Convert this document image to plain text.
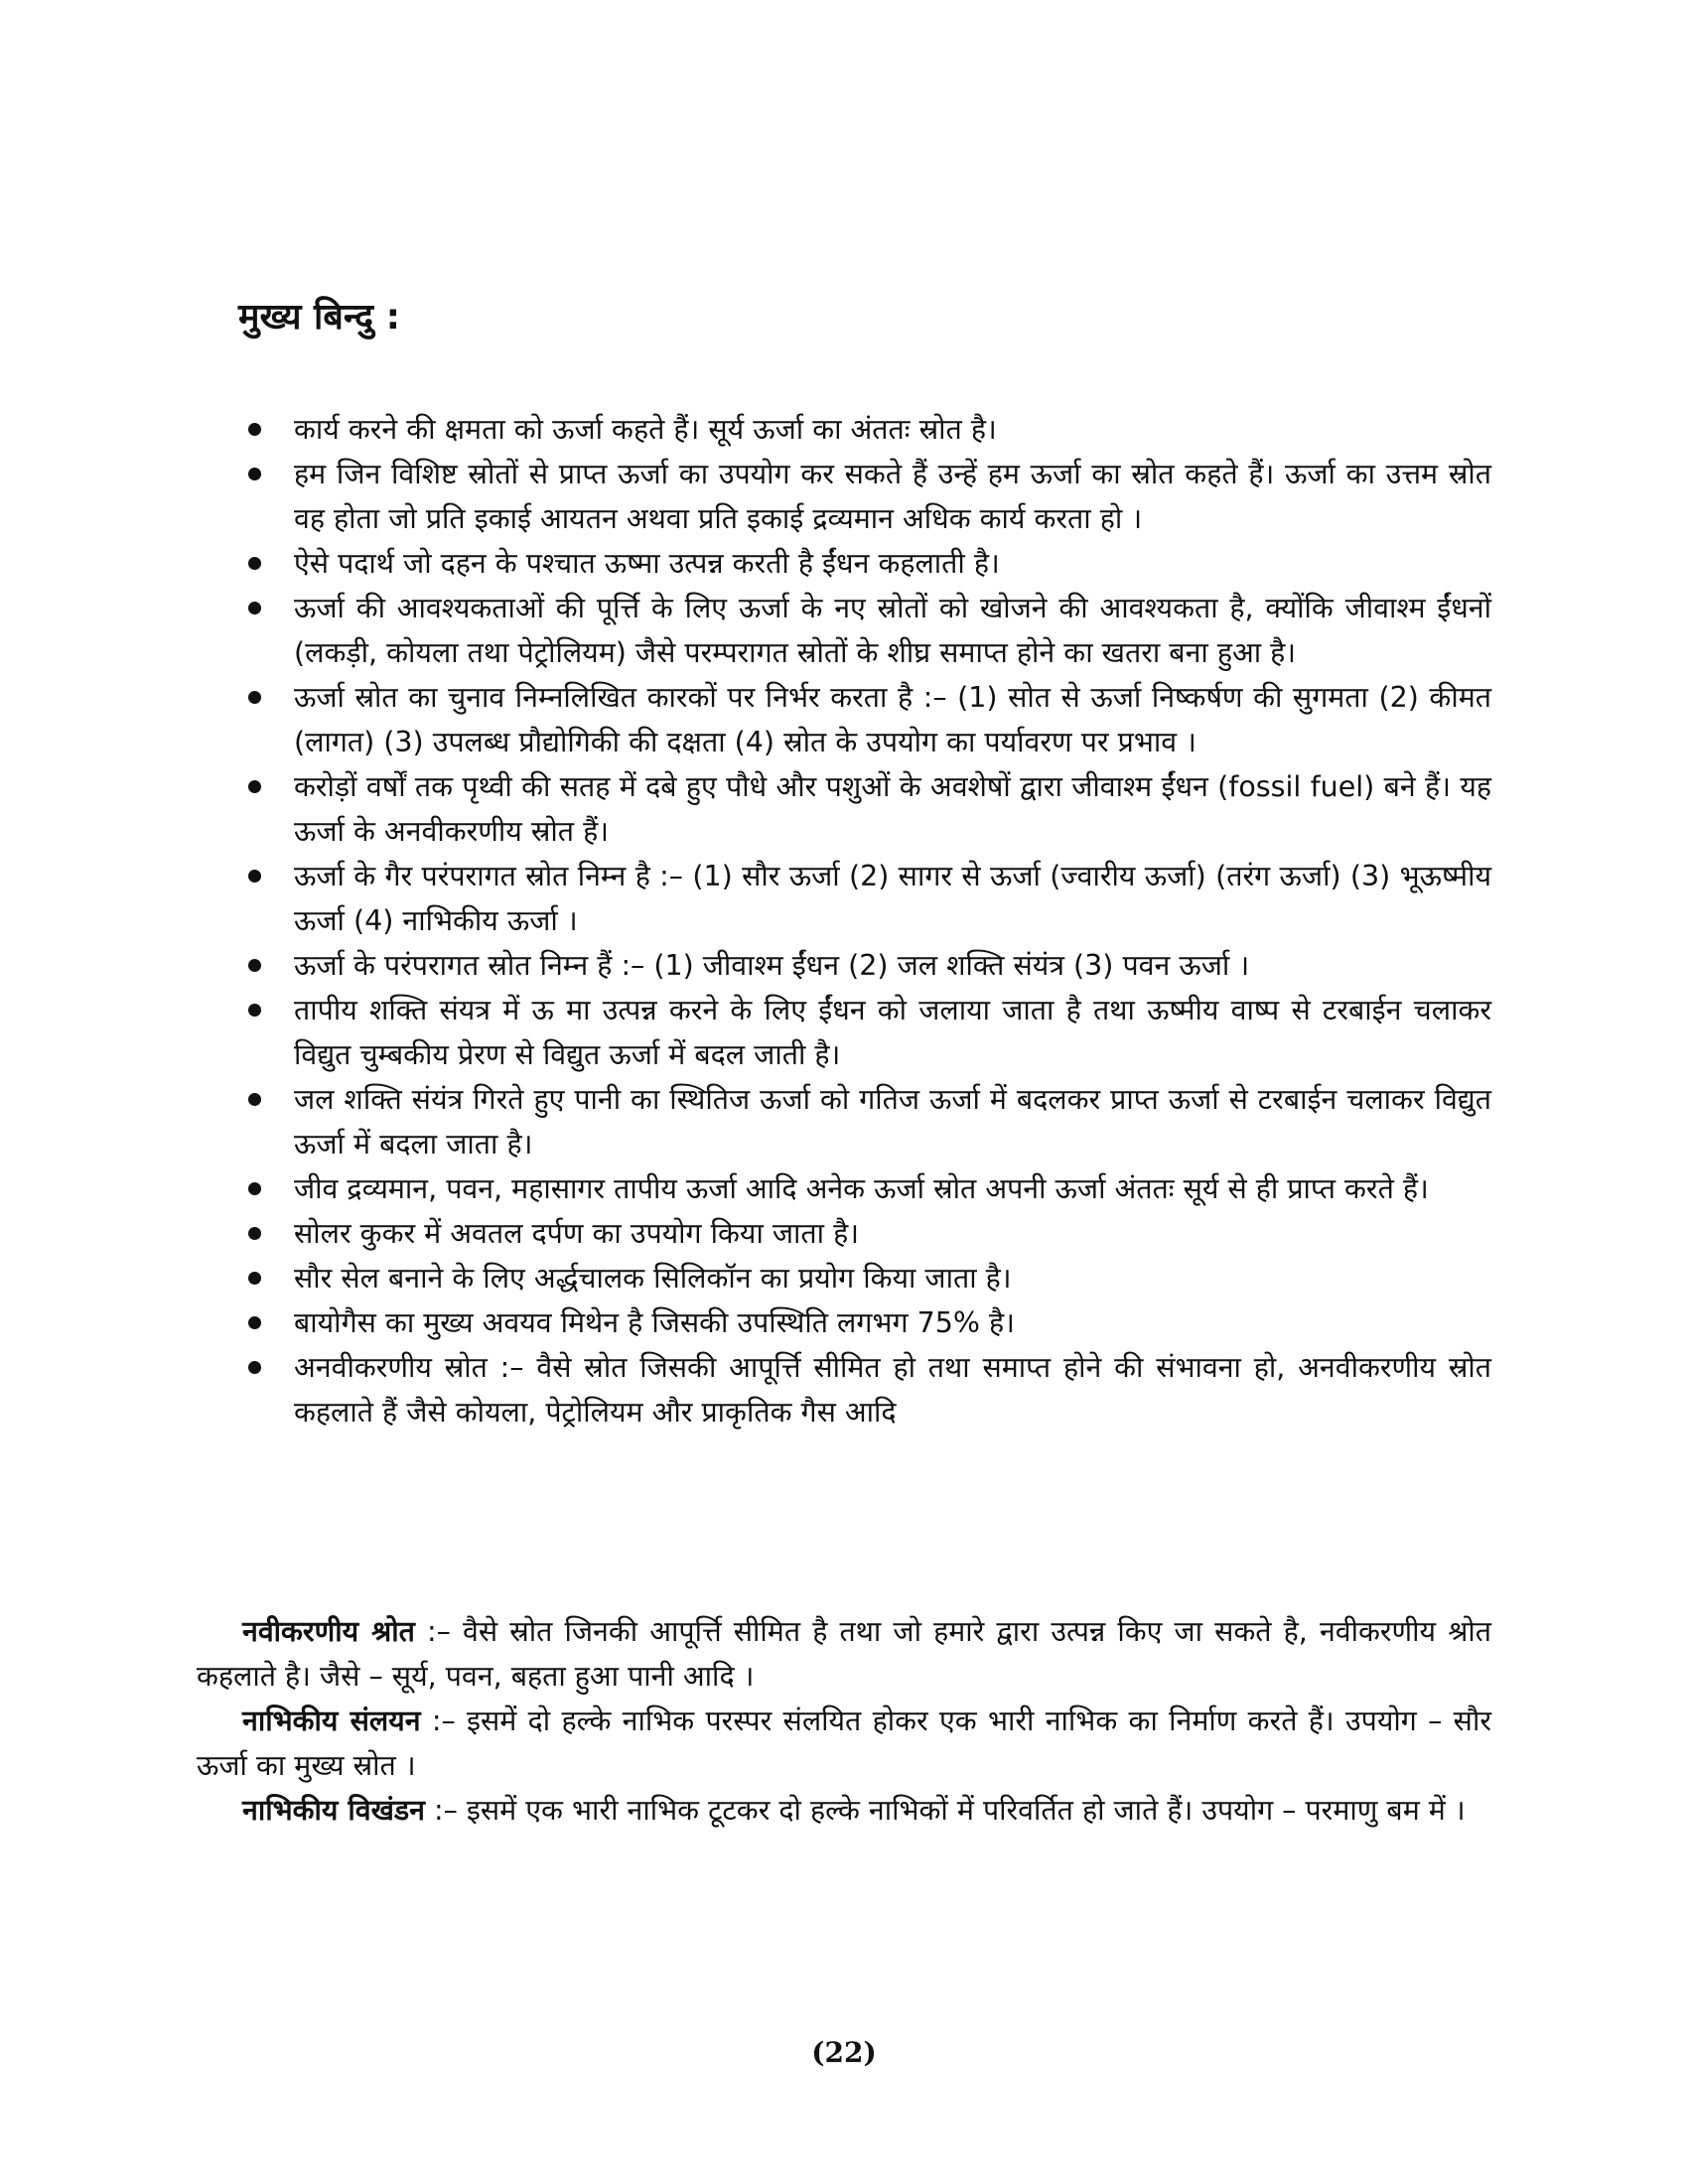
मुख्य बिन्दु :
कार्य करने की क्षमता को ऊर्जा कहते हैं। सूर्य ऊर्जा का अंततः स्रोत है।
हम जिन विशिष्ट स्रोतों से प्राप्त ऊर्जा का उपयोग कर सकते हैं उन्हें हम ऊर्जा का स्रोत कहते हैं। ऊर्जा का उत्तम स्रोत वह होता जो प्रति इकाई आयतन अथवा प्रति इकाई द्रव्यमान अधिक कार्य करता हो ।
ऐसे पदार्थ जो दहन के पश्चात ऊष्मा उत्पन्न करती है ईंधन कहलाती है।
ऊर्जा की आवश्यकताओं की पूर्त्ति के लिए ऊर्जा के नए स्रोतों को खोजने की आवश्यकता है, क्योंकि जीवाश्म ईंधनों (लकड़ी, कोयला तथा पेट्रोलियम) जैसे परम्परागत स्रोतों के शीघ्र समाप्त होने का खतरा बना हुआ है।
ऊर्जा स्रोत का चुनाव निम्नलिखित कारकों पर निर्भर करता है :– (1) सोत से ऊर्जा निष्कर्षण की सुगमता (2) कीमत (लागत) (3) उपलब्ध प्रौद्योगिकी की दक्षता (4) स्रोत के उपयोग का पर्यावरण पर प्रभाव ।
करोड़ों वर्षों तक पृथ्वी की सतह में दबे हुए पौधे और पशुओं के अवशेषों द्वारा जीवाश्म ईंधन (fossil fuel) बने हैं। यह ऊर्जा के अनवीकरणीय स्रोत हैं।
ऊर्जा के गैर परंपरागत स्रोत निम्न है :– (1) सौर ऊर्जा (2) सागर से ऊर्जा (ज्वारीय ऊर्जा) (तरंग ऊर्जा) (3) भूऊष्मीय ऊर्जा (4) नाभिकीय ऊर्जा ।
ऊर्जा के परंपरागत स्रोत निम्न हैं :– (1) जीवाश्म ईंधन (2) जल शक्ति संयंत्र (3) पवन ऊर्जा ।
तापीय शक्ति संयत्र में ऊ मा उत्पन्न करने के लिए ईंधन को जलाया जाता है तथा ऊष्मीय वाष्प से टरबाईन चलाकर विद्युत चुम्बकीय प्रेरण से विद्युत ऊर्जा में बदल जाती है।
जल शक्ति संयंत्र गिरते हुए पानी का स्थितिज ऊर्जा को गतिज ऊर्जा में बदलकर प्राप्त ऊर्जा से टरबाईन चलाकर विद्युत ऊर्जा में बदला जाता है।
जीव द्रव्यमान, पवन, महासागर तापीय ऊर्जा आदि अनेक ऊर्जा स्रोत अपनी ऊर्जा अंततः सूर्य से ही प्राप्त करते हैं।
सोलर कुकर में अवतल दर्पण का उपयोग किया जाता है।
सौर सेल बनाने के लिए अर्द्धचालक सिलिकॉन का प्रयोग किया जाता है।
बायोगैस का मुख्य अवयव मिथेन है जिसकी उपस्थिति लगभग 75% है।
अनवीकरणीय स्रोत :– वैसे स्रोत जिसकी आपूर्त्ति सीमित हो तथा समाप्त होने की संभावना हो, अनवीकरणीय स्रोत कहलाते हैं जैसे कोयला, पेट्रोलियम और प्राकृतिक गैस आदि

नवीकरणीय श्रोत :– वैसे स्रोत जिनकी आपूर्त्ति सीमित है तथा जो हमारे द्वारा उत्पन्न किए जा सकते है, नवीकरणीय श्रोत कहलाते है। जैसे – सूर्य, पवन, बहता हुआ पानी आदि ।

नाभिकीय संलयन :– इसमें दो हल्के नाभिक परस्पर संलयित होकर एक भारी नाभिक का निर्माण करते हैं। उपयोग – सौर ऊर्जा का मुख्य स्रोत ।

नाभिकीय विखंडन :– इसमें एक भारी नाभिक टूटकर दो हल्के नाभिकों में परिवर्तित हो जाते हैं। उपयोग – परमाणु बम में ।

(22)
